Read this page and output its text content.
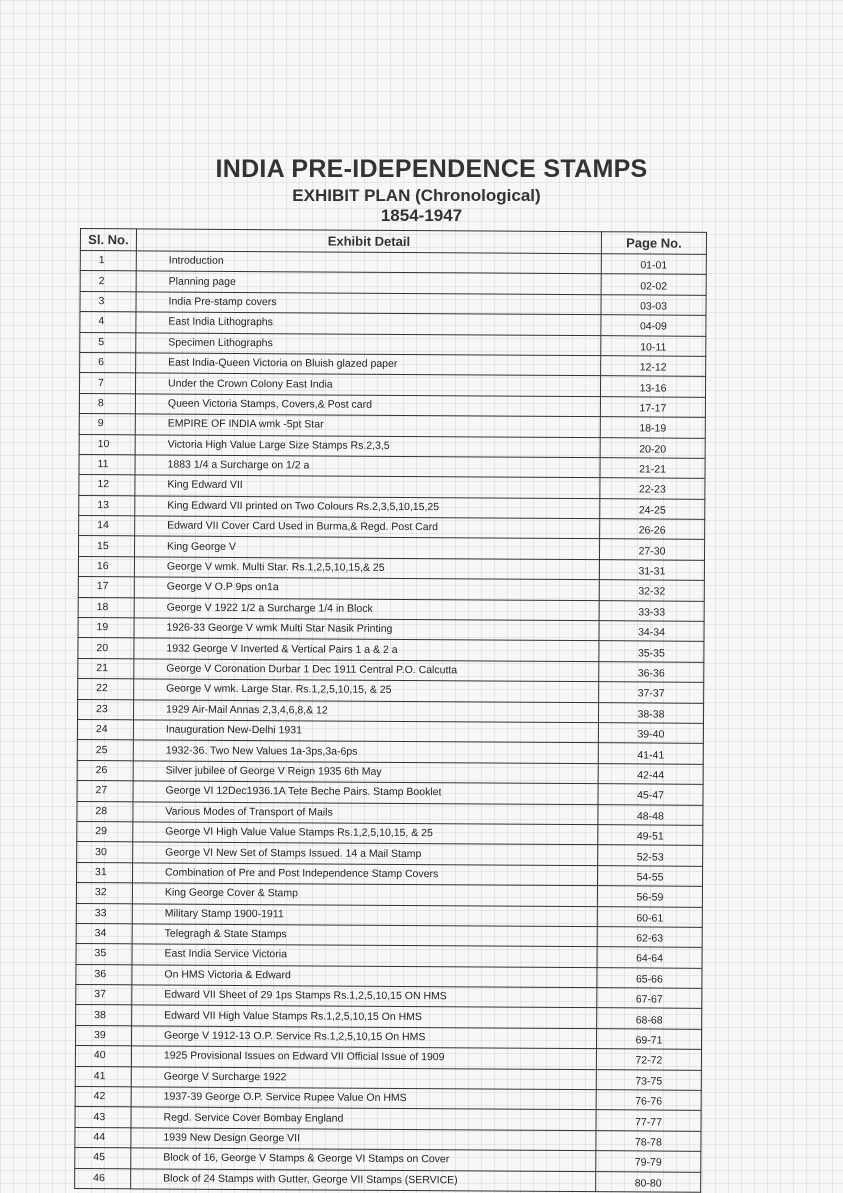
INDIA PRE-IDEPENDENCE STAMPS
EXHIBIT PLAN (Chronological)
1854-1947
Sl. No.	Exhibit Detail	Page No.
1	Introduction	01-01
2	Planning page	02-02
3	India Pre-stamp covers	03-03
4	East India Lithographs	04-09
5	Specimen Lithographs	10-11
6	East India-Queen Victoria on Bluish glazed paper	12-12
7	Under the Crown Colony East India	13-16
8	Queen Victoria Stamps, Covers,& Post card	17-17
9	EMPIRE OF INDIA wmk -5pt Star	18-19
10	Victoria High Value Large Size Stamps Rs.2,3,5	20-20
11	1883 1/4 a Surcharge on 1/2 a	21-21
12	King Edward VII	22-23
13	King Edward VII printed on Two Colours Rs.2,3,5,10,15,25	24-25
14	Edward VII Cover Card Used in Burma,& Regd. Post Card	26-26
15	King George V	27-30
16	George V wmk. Multi Star. Rs.1,2,5,10,15,& 25	31-31
17	George V O.P 9ps on1a	32-32
18	George V 1922 1/2 a Surcharge 1/4 in Block	33-33
19	1926-33 George V wmk Multi Star Nasik Printing	34-34
20	1932 George V Inverted & Vertical Pairs 1 a & 2 a	35-35
21	George V Coronation Durbar 1 Dec 1911 Central P.O. Calcutta	36-36
22	George V wmk. Large Star. Rs.1,2,5,10,15, & 25	37-37
23	1929 Air-Mail Annas 2,3,4,6,8,& 12	38-38
24	Inauguration New-Delhi 1931	39-40
25	1932-36. Two New Values 1a-3ps,3a-6ps	41-41
26	Silver jubilee of George V Reign 1935 6th May	42-44
27	George VI 12Dec1936.1A Tete Beche Pairs. Stamp Booklet	45-47
28	Various Modes of Transport of Mails	48-48
29	George VI High Value Value Stamps Rs.1,2,5,10,15, & 25	49-51
30	George VI New Set of Stamps Issued. 14 a Mail Stamp	52-53
31	Combination of Pre and Post Independence Stamp Covers	54-55
32	King George Cover & Stamp	56-59
33	Military Stamp 1900-1911	60-61
34	Telegragh & State Stamps	62-63
35	East India Service Victoria	64-64
36	On HMS Victoria & Edward	65-66
37	Edward VII Sheet of 29 1ps Stamps Rs.1,2,5,10,15 ON HMS	67-67
38	Edward VII High Value Stamps Rs.1,2,5,10,15 On HMS	68-68
39	George V 1912-13 O.P. Service Rs.1,2,5,10,15 On HMS	69-71
40	1925 Provisional Issues on Edward VII Official Issue of 1909	72-72
41	George V Surcharge 1922	73-75
42	1937-39 George O.P. Service Rupee Value On HMS	76-76
43	Regd. Service Cover Bombay England	77-77
44	1939 New Design George VII	78-78
45	Block of 16, George V Stamps & George VI Stamps on Cover	79-79
46	Block of 24 Stamps with Gutter, George VII Stamps (SERVICE)	80-80
